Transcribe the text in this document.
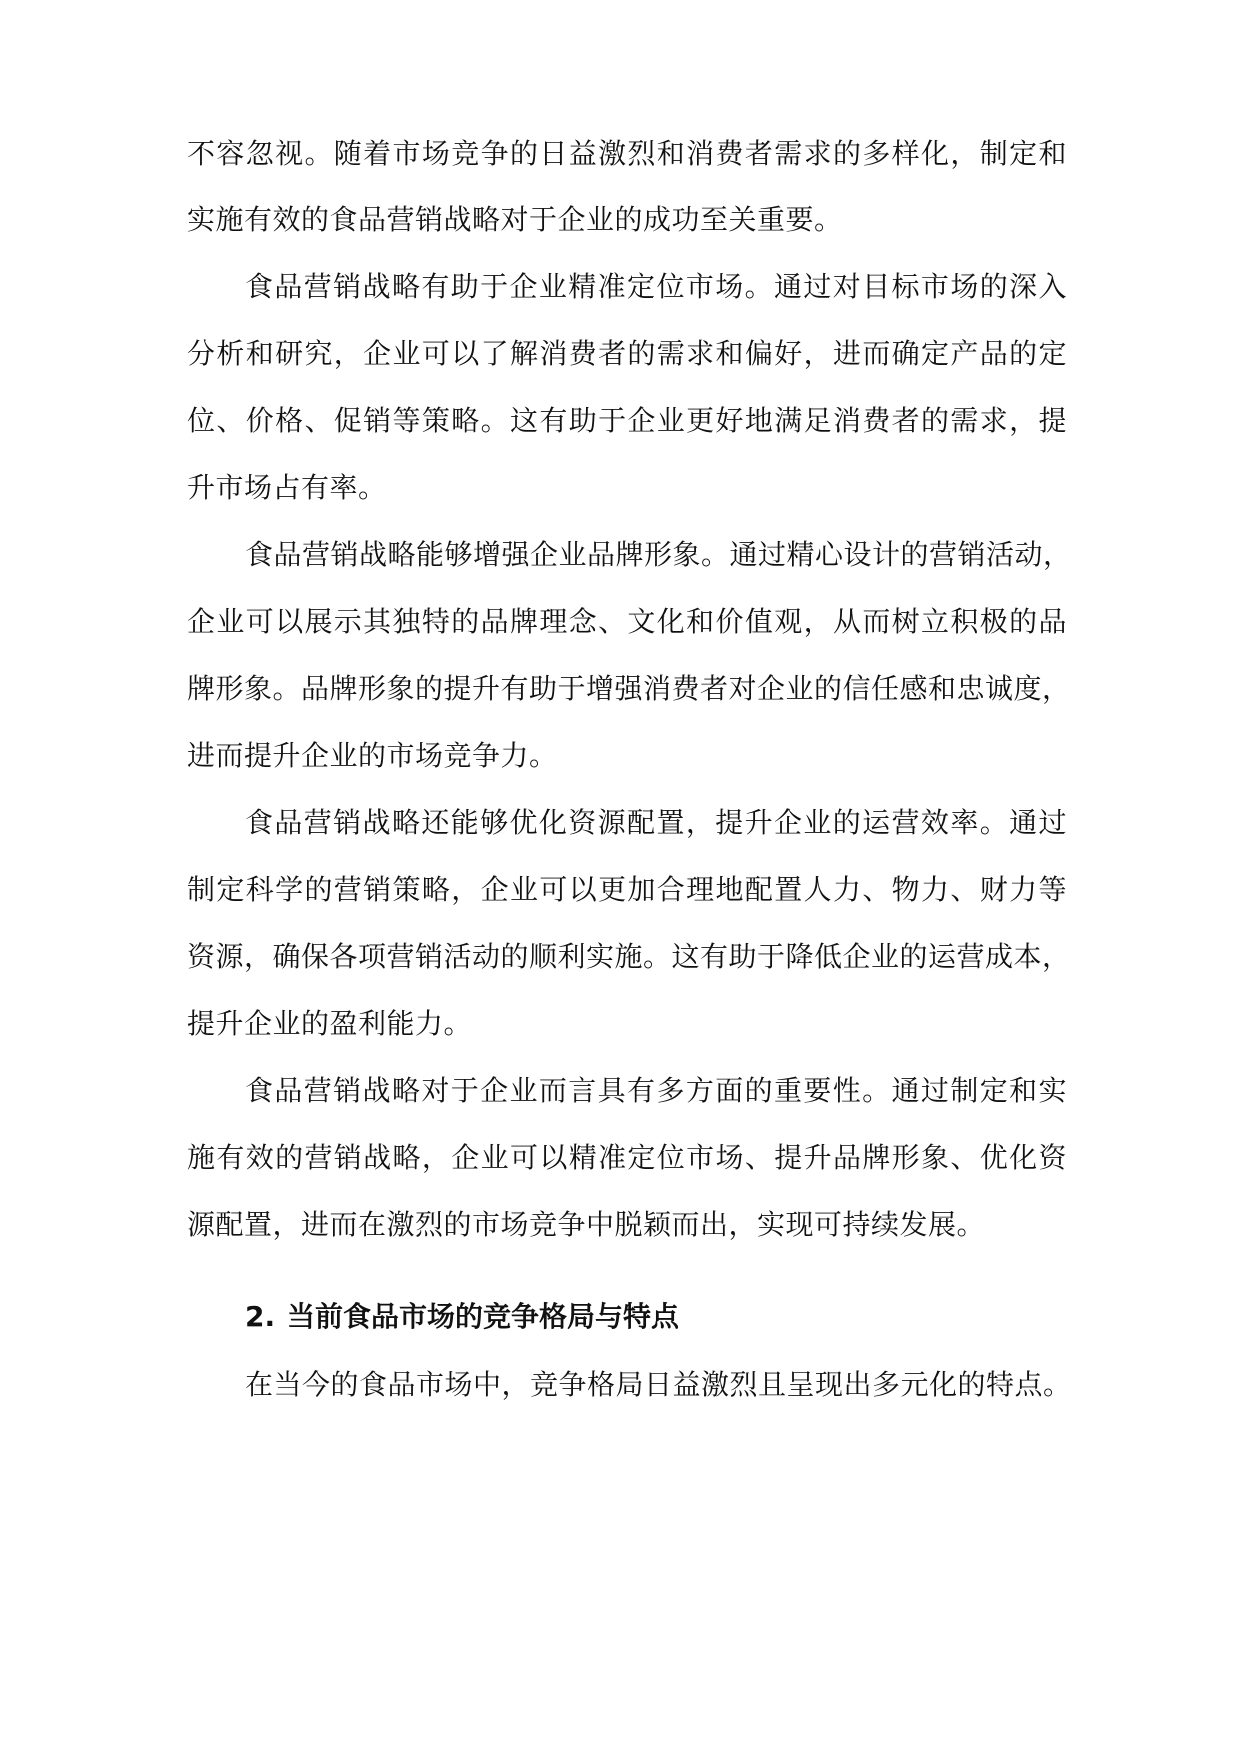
不容忽视。随着市场竞争的日益激烈和消费者需求的多样化，制定和
实施有效的食品营销战略对于企业的成功至关重要。
食品营销战略有助于企业精准定位市场。通过对目标市场的深入
分析和研究，企业可以了解消费者的需求和偏好，进而确定产品的定
位、价格、促销等策略。这有助于企业更好地满足消费者的需求，提
升市场占有率。
食品营销战略能够增强企业品牌形象。通过精心设计的营销活动，
企业可以展示其独特的品牌理念、文化和价值观，从而树立积极的品
牌形象。品牌形象的提升有助于增强消费者对企业的信任感和忠诚度，
进而提升企业的市场竞争力。
食品营销战略还能够优化资源配置，提升企业的运营效率。通过
制定科学的营销策略，企业可以更加合理地配置人力、物力、财力等
资源，确保各项营销活动的顺利实施。这有助于降低企业的运营成本，
提升企业的盈利能力。
食品营销战略对于企业而言具有多方面的重要性。通过制定和实
施有效的营销战略，企业可以精准定位市场、提升品牌形象、优化资
源配置，进而在激烈的市场竞争中脱颖而出，实现可持续发展。
2. 当前食品市场的竞争格局与特点
在当今的食品市场中，竞争格局日益激烈且呈现出多元化的特点。
